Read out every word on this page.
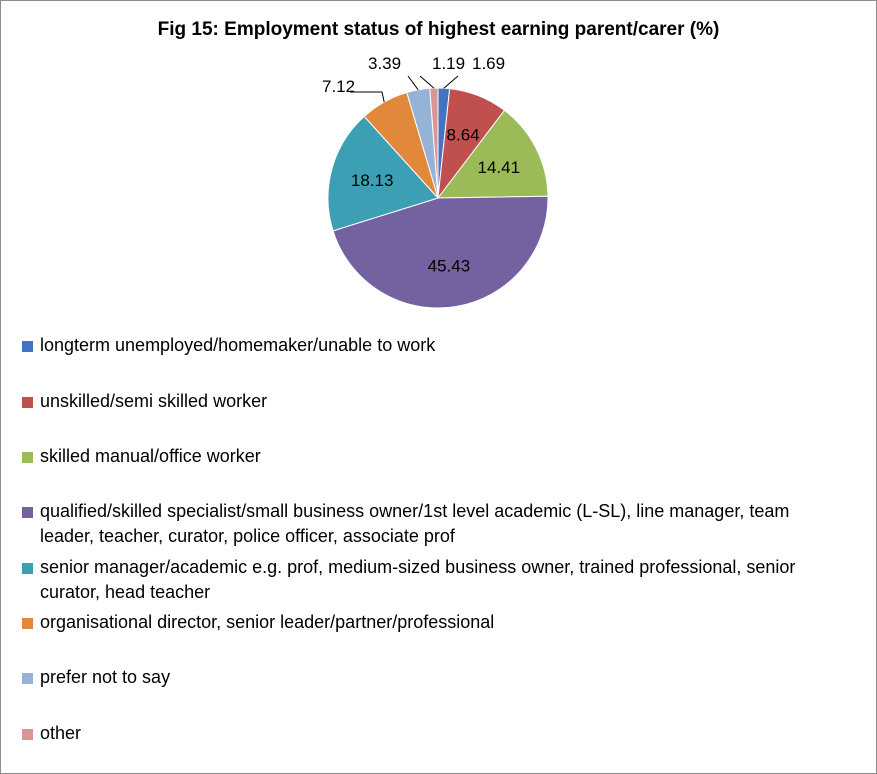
Fig 15: Employment status of highest earning parent/carer (%)
1.69
8.64
14.41
45.43
18.13
7.12
3.39 1.19
longterm unemployed/homemaker/unable to work
unskilled/semi skilled worker
skilled manual/office worker
qualified/skilled specialist/small business owner/1st level academic (L-SL), line manager, team leader, teacher, curator, police officer, associate prof
senior manager/academic e.g. prof, medium-sized business owner, trained professional, senior curator, head teacher
organisational director, senior leader/partner/professional
prefer not to say
other
